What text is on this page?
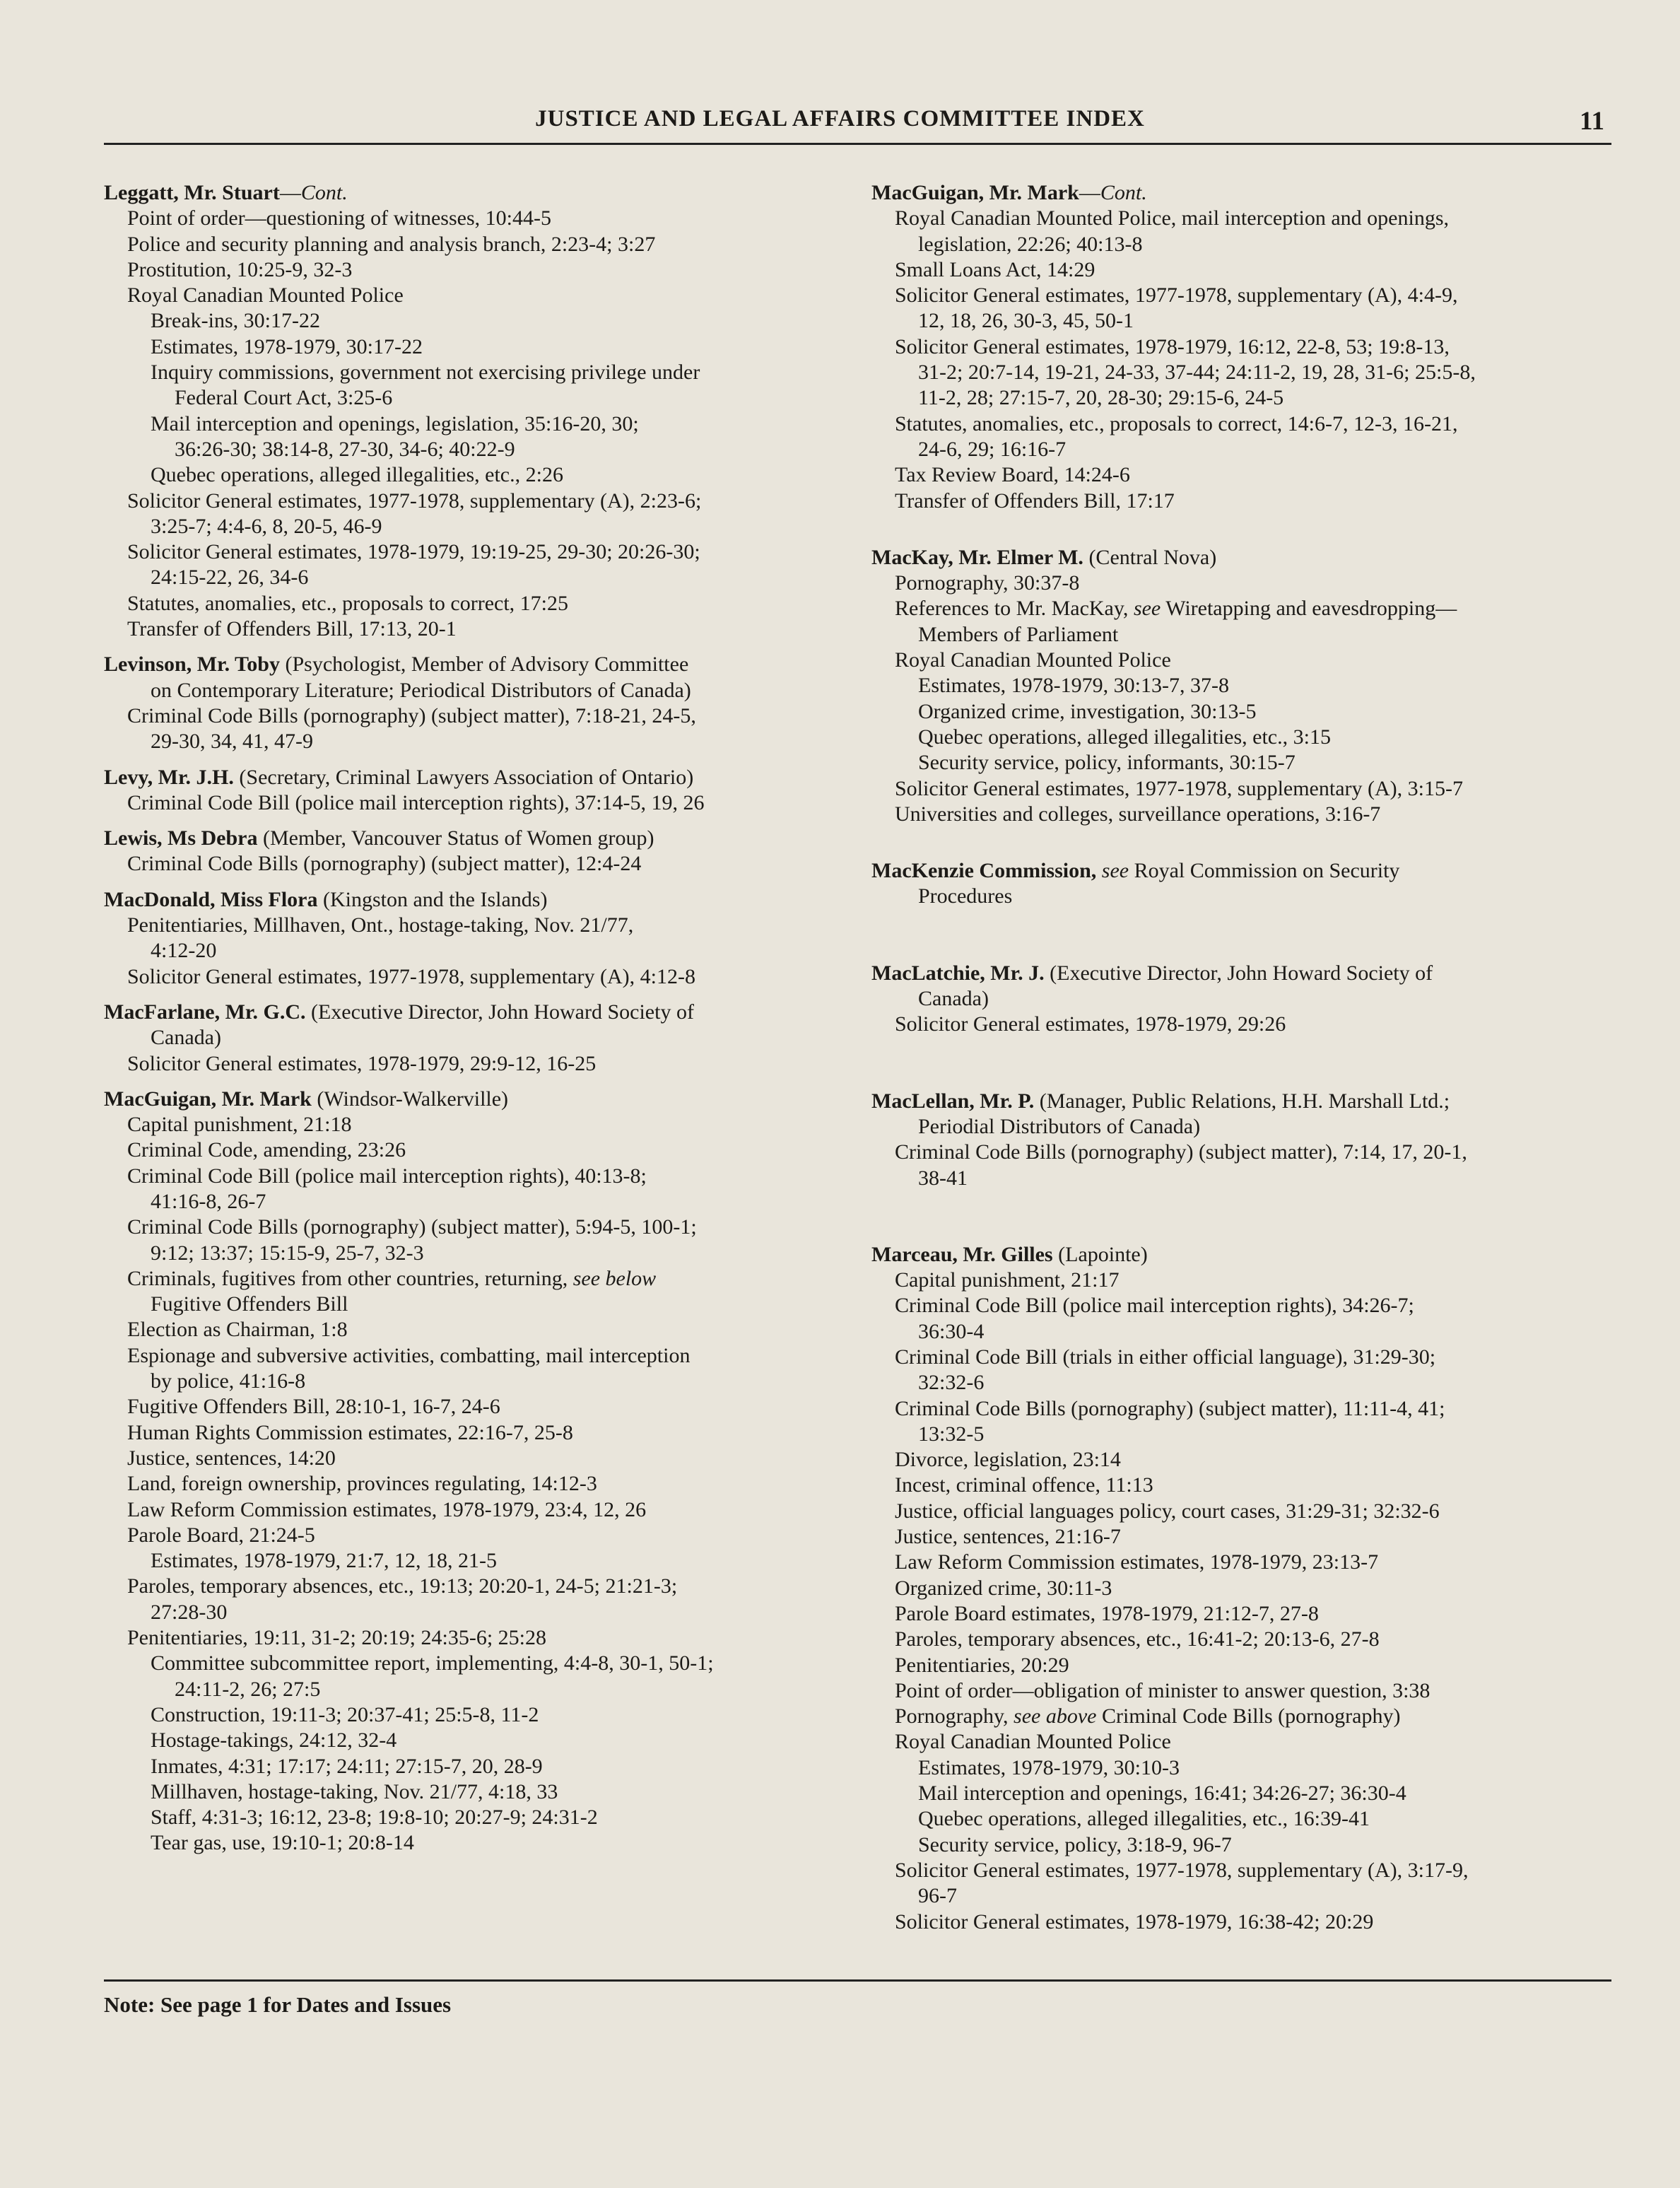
JUSTICE AND LEGAL AFFAIRS COMMITTEE INDEX	11
Leggatt, Mr. Stuart—Cont.
Point of order—questioning of witnesses, 10:44-5
Police and security planning and analysis branch, 2:23-4; 3:27
Prostitution, 10:25-9, 32-3
Royal Canadian Mounted Police
Break-ins, 30:17-22
Estimates, 1978-1979, 30:17-22
Inquiry commissions, government not exercising privilege under
Federal Court Act, 3:25-6
Mail interception and openings, legislation, 35:16-20, 30;
36:26-30; 38:14-8, 27-30, 34-6; 40:22-9
Quebec operations, alleged illegalities, etc., 2:26
Solicitor General estimates, 1977-1978, supplementary (A), 2:23-6;
3:25-7; 4:4-6, 8, 20-5, 46-9
Solicitor General estimates, 1978-1979, 19:19-25, 29-30; 20:26-30;
24:15-22, 26, 34-6
Statutes, anomalies, etc., proposals to correct, 17:25
Transfer of Offenders Bill, 17:13, 20-1
Levinson, Mr. Toby (Psychologist, Member of Advisory Committee
on Contemporary Literature; Periodical Distributors of Canada)
Criminal Code Bills (pornography) (subject matter), 7:18-21, 24-5,
29-30, 34, 41, 47-9
Levy, Mr. J.H. (Secretary, Criminal Lawyers Association of Ontario)
Criminal Code Bill (police mail interception rights), 37:14-5, 19, 26
Lewis, Ms Debra (Member, Vancouver Status of Women group)
Criminal Code Bills (pornography) (subject matter), 12:4-24
MacDonald, Miss Flora (Kingston and the Islands)
Penitentiaries, Millhaven, Ont., hostage-taking, Nov. 21/77,
4:12-20
Solicitor General estimates, 1977-1978, supplementary (A), 4:12-8
MacFarlane, Mr. G.C. (Executive Director, John Howard Society of
Canada)
Solicitor General estimates, 1978-1979, 29:9-12, 16-25
MacGuigan, Mr. Mark (Windsor-Walkerville)
Capital punishment, 21:18
Criminal Code, amending, 23:26
Criminal Code Bill (police mail interception rights), 40:13-8;
41:16-8, 26-7
Criminal Code Bills (pornography) (subject matter), 5:94-5, 100-1;
9:12; 13:37; 15:15-9, 25-7, 32-3
Criminals, fugitives from other countries, returning, see below
Fugitive Offenders Bill
Election as Chairman, 1:8
Espionage and subversive activities, combatting, mail interception
by police, 41:16-8
Fugitive Offenders Bill, 28:10-1, 16-7, 24-6
Human Rights Commission estimates, 22:16-7, 25-8
Justice, sentences, 14:20
Land, foreign ownership, provinces regulating, 14:12-3
Law Reform Commission estimates, 1978-1979, 23:4, 12, 26
Parole Board, 21:24-5
Estimates, 1978-1979, 21:7, 12, 18, 21-5
Paroles, temporary absences, etc., 19:13; 20:20-1, 24-5; 21:21-3;
27:28-30
Penitentiaries, 19:11, 31-2; 20:19; 24:35-6; 25:28
Committee subcommittee report, implementing, 4:4-8, 30-1, 50-1;
24:11-2, 26; 27:5
Construction, 19:11-3; 20:37-41; 25:5-8, 11-2
Hostage-takings, 24:12, 32-4
Inmates, 4:31; 17:17; 24:11; 27:15-7, 20, 28-9
Millhaven, hostage-taking, Nov. 21/77, 4:18, 33
Staff, 4:31-3; 16:12, 23-8; 19:8-10; 20:27-9; 24:31-2
Tear gas, use, 19:10-1; 20:8-14
MacGuigan, Mr. Mark—Cont.
Royal Canadian Mounted Police, mail interception and openings,
legislation, 22:26; 40:13-8
Small Loans Act, 14:29
Solicitor General estimates, 1977-1978, supplementary (A), 4:4-9,
12, 18, 26, 30-3, 45, 50-1
Solicitor General estimates, 1978-1979, 16:12, 22-8, 53; 19:8-13,
31-2; 20:7-14, 19-21, 24-33, 37-44; 24:11-2, 19, 28, 31-6; 25:5-8,
11-2, 28; 27:15-7, 20, 28-30; 29:15-6, 24-5
Statutes, anomalies, etc., proposals to correct, 14:6-7, 12-3, 16-21,
24-6, 29; 16:16-7
Tax Review Board, 14:24-6
Transfer of Offenders Bill, 17:17
MacKay, Mr. Elmer M. (Central Nova)
Pornography, 30:37-8
References to Mr. MacKay, see Wiretapping and eavesdropping—
Members of Parliament
Royal Canadian Mounted Police
Estimates, 1978-1979, 30:13-7, 37-8
Organized crime, investigation, 30:13-5
Quebec operations, alleged illegalities, etc., 3:15
Security service, policy, informants, 30:15-7
Solicitor General estimates, 1977-1978, supplementary (A), 3:15-7
Universities and colleges, surveillance operations, 3:16-7
MacKenzie Commission, see Royal Commission on Security
Procedures
MacLatchie, Mr. J. (Executive Director, John Howard Society of
Canada)
Solicitor General estimates, 1978-1979, 29:26
MacLellan, Mr. P. (Manager, Public Relations, H.H. Marshall Ltd.;
Periodial Distributors of Canada)
Criminal Code Bills (pornography) (subject matter), 7:14, 17, 20-1,
38-41
Marceau, Mr. Gilles (Lapointe)
Capital punishment, 21:17
Criminal Code Bill (police mail interception rights), 34:26-7;
36:30-4
Criminal Code Bill (trials in either official language), 31:29-30;
32:32-6
Criminal Code Bills (pornography) (subject matter), 11:11-4, 41;
13:32-5
Divorce, legislation, 23:14
Incest, criminal offence, 11:13
Justice, official languages policy, court cases, 31:29-31; 32:32-6
Justice, sentences, 21:16-7
Law Reform Commission estimates, 1978-1979, 23:13-7
Organized crime, 30:11-3
Parole Board estimates, 1978-1979, 21:12-7, 27-8
Paroles, temporary absences, etc., 16:41-2; 20:13-6, 27-8
Penitentiaries, 20:29
Point of order—obligation of minister to answer question, 3:38
Pornography, see above Criminal Code Bills (pornography)
Royal Canadian Mounted Police
Estimates, 1978-1979, 30:10-3
Mail interception and openings, 16:41; 34:26-27; 36:30-4
Quebec operations, alleged illegalities, etc., 16:39-41
Security service, policy, 3:18-9, 96-7
Solicitor General estimates, 1977-1978, supplementary (A), 3:17-9,
96-7
Solicitor General estimates, 1978-1979, 16:38-42; 20:29
Note: See page 1 for Dates and Issues
